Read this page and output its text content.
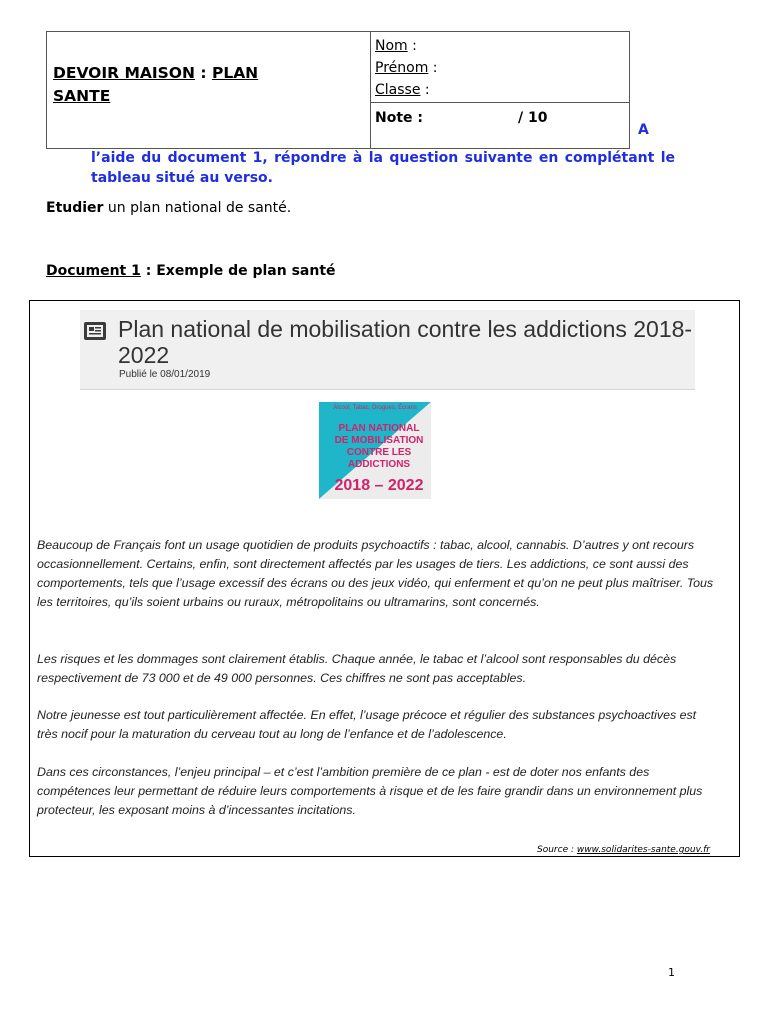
DEVOIR MAISON : PLAN
SANTE
Nom :
Prénom :
Classe :
Note :	/ 10
A
l’aide du document 1, répondre à la question suivante en complétant le tableau situé au verso.
Etudier un plan national de santé.
Document 1 : Exemple de plan santé
Plan national de mobilisation contre les addictions 2018-2022
Publié le 08/01/2019
Alcool, Tabac, Drogues, Écrans
PLAN NATIONAL DE MOBILISATION CONTRE LES ADDICTIONS
2018 – 2022
Beaucoup de Français font un usage quotidien de produits psychoactifs : tabac, alcool, cannabis. D’autres y ont recours occasionnellement. Certains, enfin, sont directement affectés par les usages de tiers. Les addictions, ce sont aussi des comportements, tels que l’usage excessif des écrans ou des jeux vidéo, qui enferment et qu’on ne peut plus maîtriser. Tous les territoires, qu’ils soient urbains ou ruraux, métropolitains ou ultramarins, sont concernés.
Les risques et les dommages sont clairement établis. Chaque année, le tabac et l’alcool sont responsables du décès respectivement de 73 000 et de 49 000 personnes. Ces chiffres ne sont pas acceptables.
Notre jeunesse est tout particulièrement affectée. En effet, l’usage précoce et régulier des substances psychoactives est très nocif pour la maturation du cerveau tout au long de l’enfance et de l’adolescence.
Dans ces circonstances, l’enjeu principal – et c’est l’ambition première de ce plan - est de doter nos enfants des compétences leur permettant de réduire leurs comportements à risque et de les faire grandir dans un environnement plus protecteur, les exposant moins à d’incessantes incitations.
Source : www.solidarites-sante.gouv.fr
1
